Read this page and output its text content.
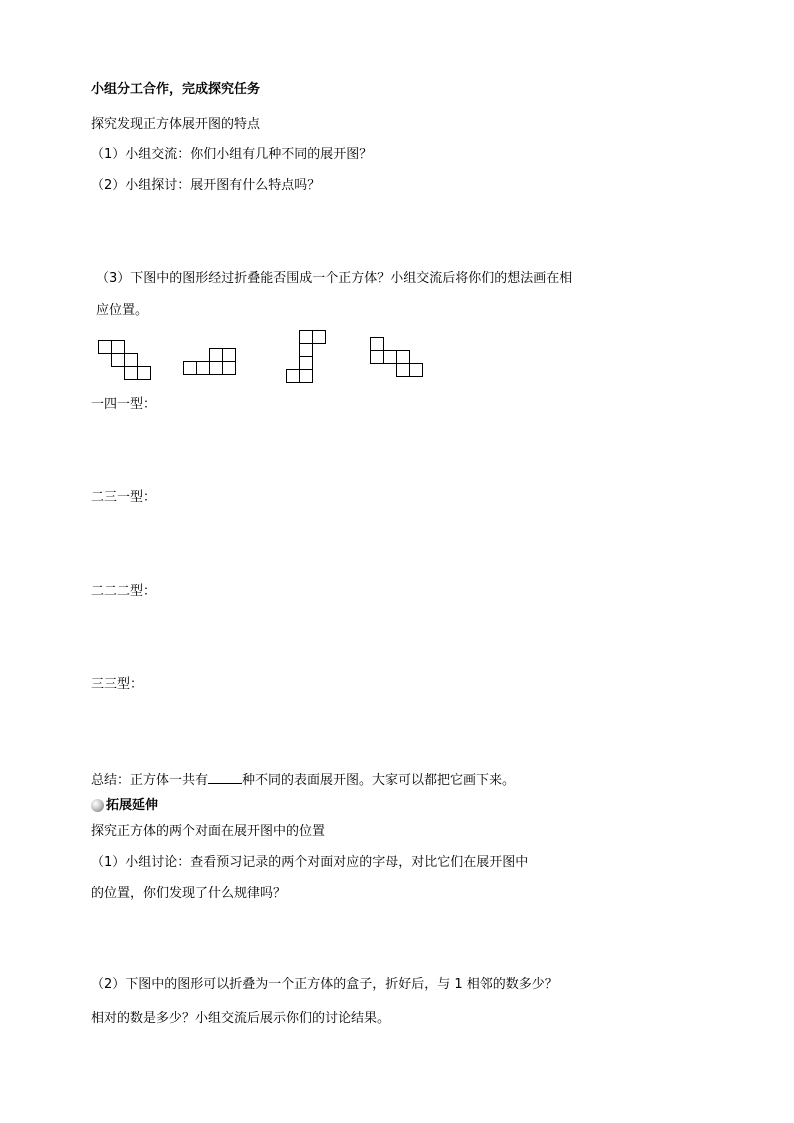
小组分工合作，完成探究任务
探究发现正方体展开图的特点
（1）小组交流：你们小组有几种不同的展开图？
（2）小组探讨：展开图有什么特点吗？
（3）下图中的图形经过折叠能否围成一个正方体？小组交流后将你们的想法画在相
应位置。
一四一型：
二三一型：
二二二型：
三三型：
总结：正方体一共有	种不同的表面展开图。大家可以都把它画下来。
拓展延伸
探究正方体的两个对面在展开图中的位置
（1）小组讨论：查看预习记录的两个对面对应的字母，对比它们在展开图中
的位置，你们发现了什么规律吗？
（2）下图中的图形可以折叠为一个正方体的盒子，折好后，与 1 相邻的数多少？
相对的数是多少？小组交流后展示你们的讨论结果。
